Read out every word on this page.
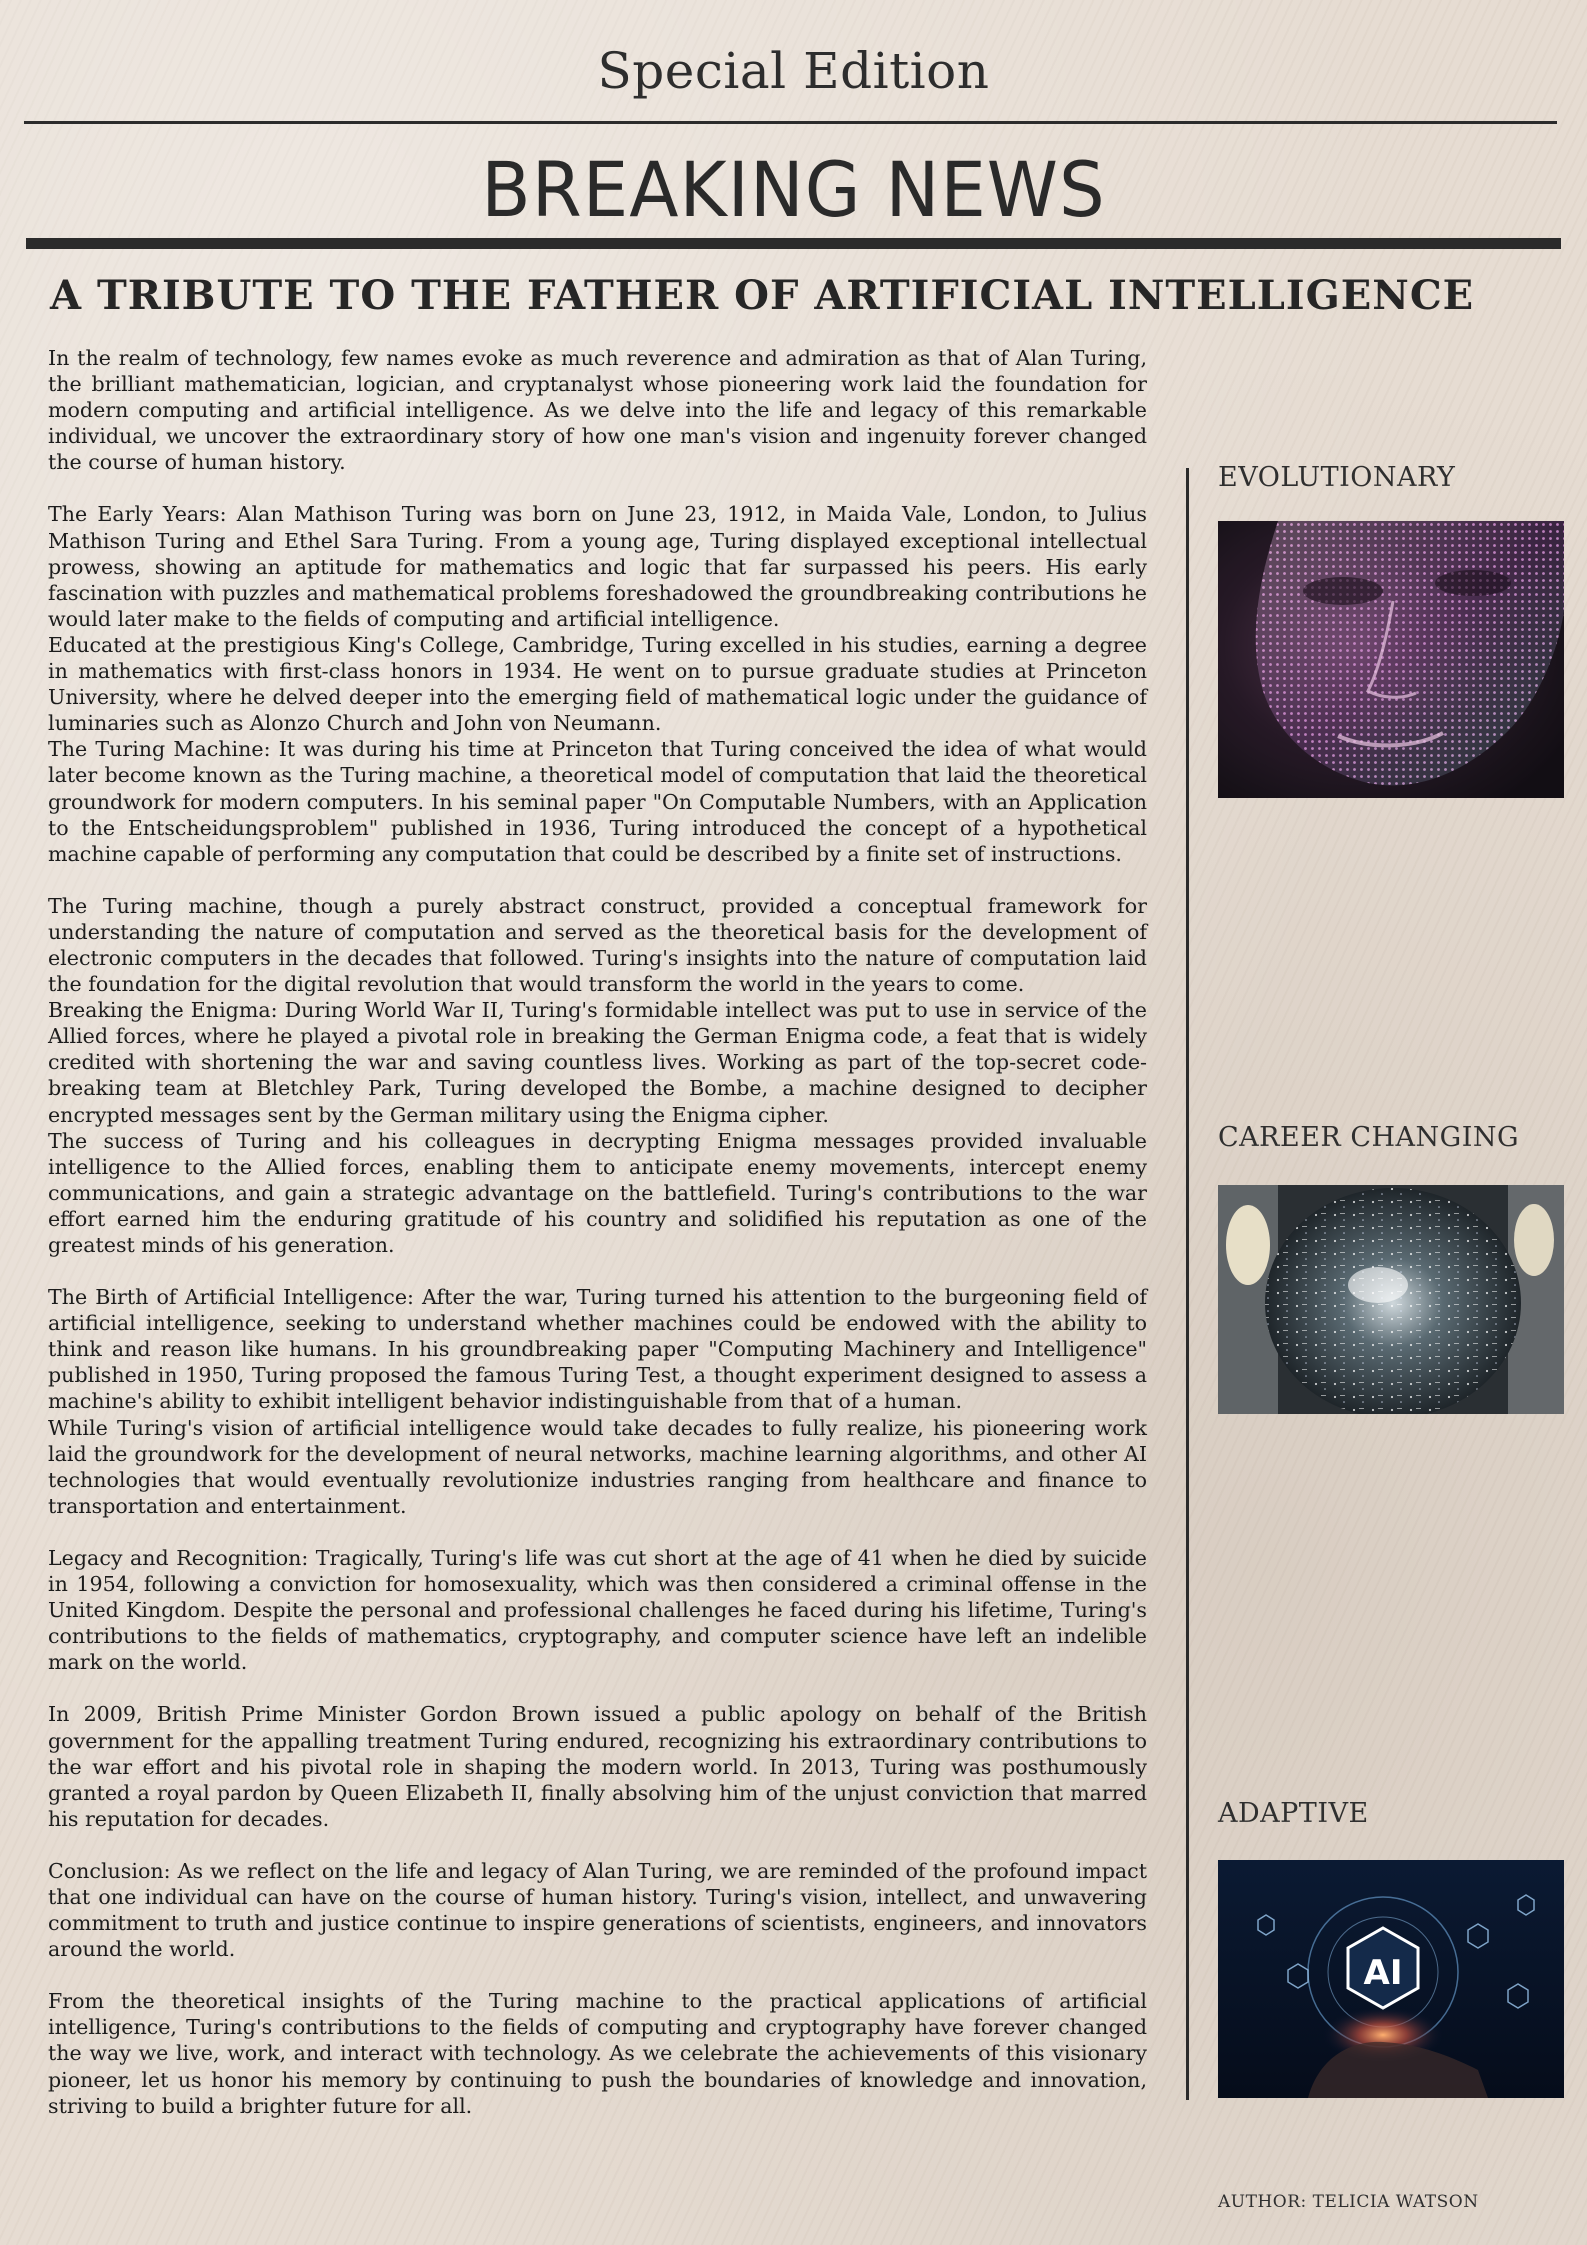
Special Edition
BREAKING NEWS
A TRIBUTE TO THE FATHER OF ARTIFICIAL INTELLIGENCE

In the realm of technology, few names evoke as much reverence and admiration as that of Alan Turing, the brilliant mathematician, logician, and cryptanalyst whose pioneering work laid the foundation for modern computing and artificial intelligence. As we delve into the life and legacy of this remarkable individual, we uncover the extraordinary story of how one man's vision and ingenuity forever changed the course of human history.

The Early Years: Alan Mathison Turing was born on June 23, 1912, in Maida Vale, London, to Julius Mathison Turing and Ethel Sara Turing. From a young age, Turing displayed exceptional intellectual prowess, showing an aptitude for mathematics and logic that far surpassed his peers. His early fascination with puzzles and mathematical problems foreshadowed the groundbreaking contributions he would later make to the fields of computing and artificial intelligence.

Educated at the prestigious King's College, Cambridge, Turing excelled in his studies, earning a degree in mathematics with first-class honors in 1934. He went on to pursue graduate studies at Princeton University, where he delved deeper into the emerging field of mathematical logic under the guidance of luminaries such as Alonzo Church and John von Neumann.

The Turing Machine: It was during his time at Princeton that Turing conceived the idea of what would later become known as the Turing machine, a theoretical model of computation that laid the theoretical groundwork for modern computers. In his seminal paper "On Computable Numbers, with an Application to the Entscheidungsproblem" published in 1936, Turing introduced the concept of a hypothetical machine capable of performing any computation that could be described by a finite set of instructions.

The Turing machine, though a purely abstract construct, provided a conceptual framework for understanding the nature of computation and served as the theoretical basis for the development of electronic computers in the decades that followed. Turing's insights into the nature of computation laid the foundation for the digital revolution that would transform the world in the years to come.

Breaking the Enigma: During World War II, Turing's formidable intellect was put to use in service of the Allied forces, where he played a pivotal role in breaking the German Enigma code, a feat that is widely credited with shortening the war and saving countless lives. Working as part of the top-secret code-breaking team at Bletchley Park, Turing developed the Bombe, a machine designed to decipher encrypted messages sent by the German military using the Enigma cipher.

The success of Turing and his colleagues in decrypting Enigma messages provided invaluable intelligence to the Allied forces, enabling them to anticipate enemy movements, intercept enemy communications, and gain a strategic advantage on the battlefield. Turing's contributions to the war effort earned him the enduring gratitude of his country and solidified his reputation as one of the greatest minds of his generation.

The Birth of Artificial Intelligence: After the war, Turing turned his attention to the burgeoning field of artificial intelligence, seeking to understand whether machines could be endowed with the ability to think and reason like humans. In his groundbreaking paper "Computing Machinery and Intelligence" published in 1950, Turing proposed the famous Turing Test, a thought experiment designed to assess a machine's ability to exhibit intelligent behavior indistinguishable from that of a human.

While Turing's vision of artificial intelligence would take decades to fully realize, his pioneering work laid the groundwork for the development of neural networks, machine learning algorithms, and other AI technologies that would eventually revolutionize industries ranging from healthcare and finance to transportation and entertainment.

Legacy and Recognition: Tragically, Turing's life was cut short at the age of 41 when he died by suicide in 1954, following a conviction for homosexuality, which was then considered a criminal offense in the United Kingdom. Despite the personal and professional challenges he faced during his lifetime, Turing's contributions to the fields of mathematics, cryptography, and computer science have left an indelible mark on the world.

In 2009, British Prime Minister Gordon Brown issued a public apology on behalf of the British government for the appalling treatment Turing endured, recognizing his extraordinary contributions to the war effort and his pivotal role in shaping the modern world. In 2013, Turing was posthumously granted a royal pardon by Queen Elizabeth II, finally absolving him of the unjust conviction that marred his reputation for decades.

Conclusion: As we reflect on the life and legacy of Alan Turing, we are reminded of the profound impact that one individual can have on the course of human history. Turing's vision, intellect, and unwavering commitment to truth and justice continue to inspire generations of scientists, engineers, and innovators around the world.

From the theoretical insights of the Turing machine to the practical applications of artificial intelligence, Turing's contributions to the fields of computing and cryptography have forever changed the way we live, work, and interact with technology. As we celebrate the achievements of this visionary pioneer, let us honor his memory by continuing to push the boundaries of knowledge and innovation, striving to build a brighter future for all.

EVOLUTIONARY
CAREER CHANGING
ADAPTIVE
AI
AUTHOR: TELICIA WATSON
